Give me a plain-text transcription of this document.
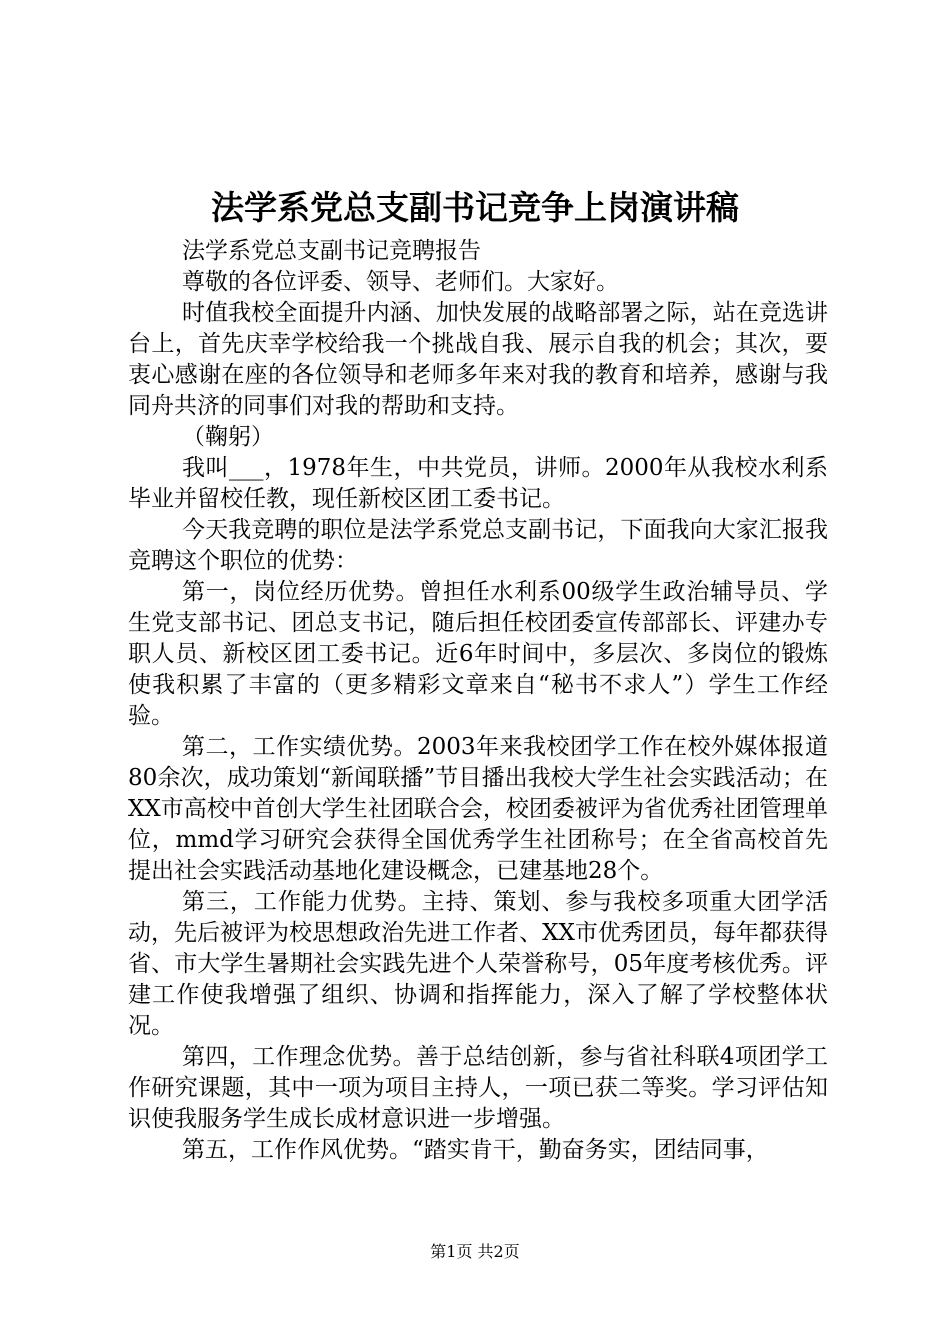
法学系党总支副书记竞争上岗演讲稿

法学系党总支副书记竞聘报告

尊敬的各位评委、领导、老师们。大家好。

时值我校全面提升内涵、加快发展的战略部署之际，站在竞选讲台上，首先庆幸学校给我一个挑战自我、展示自我的机会；其次，要衷心感谢在座的各位领导和老师多年来对我的教育和培养，感谢与我同舟共济的同事们对我的帮助和支持。

（鞠躬）

我叫___，1978年生，中共党员，讲师。2000年从我校水利系毕业并留校任教，现任新校区团工委书记。

今天我竞聘的职位是法学系党总支副书记，下面我向大家汇报我竞聘这个职位的优势：

第一，岗位经历优势。曾担任水利系00级学生政治辅导员、学生党支部书记、团总支书记，随后担任校团委宣传部部长、评建办专职人员、新校区团工委书记。近6年时间中，多层次、多岗位的锻炼使我积累了丰富的（更多精彩文章来自“秘书不求人”）学生工作经验。

第二，工作实绩优势。2003年来我校团学工作在校外媒体报道80余次，成功策划“新闻联播”节目播出我校大学生社会实践活动；在XX市高校中首创大学生社团联合会，校团委被评为省优秀社团管理单位，mmd学习研究会获得全国优秀学生社团称号；在全省高校首先提出社会实践活动基地化建设概念，已建基地28个。

第三，工作能力优势。主持、策划、参与我校多项重大团学活动，先后被评为校思想政治先进工作者、XX市优秀团员，每年都获得省、市大学生暑期社会实践先进个人荣誉称号，05年度考核优秀。评建工作使我增强了组织、协调和指挥能力，深入了解了学校整体状况。

第四，工作理念优势。善于总结创新，参与省社科联4项团学工作研究课题，其中一项为项目主持人，一项已获二等奖。学习评估知识使我服务学生成长成材意识进一步增强。

第五，工作作风优势。“踏实肯干，勤奋务实，团结同事，

第1页 共2页
